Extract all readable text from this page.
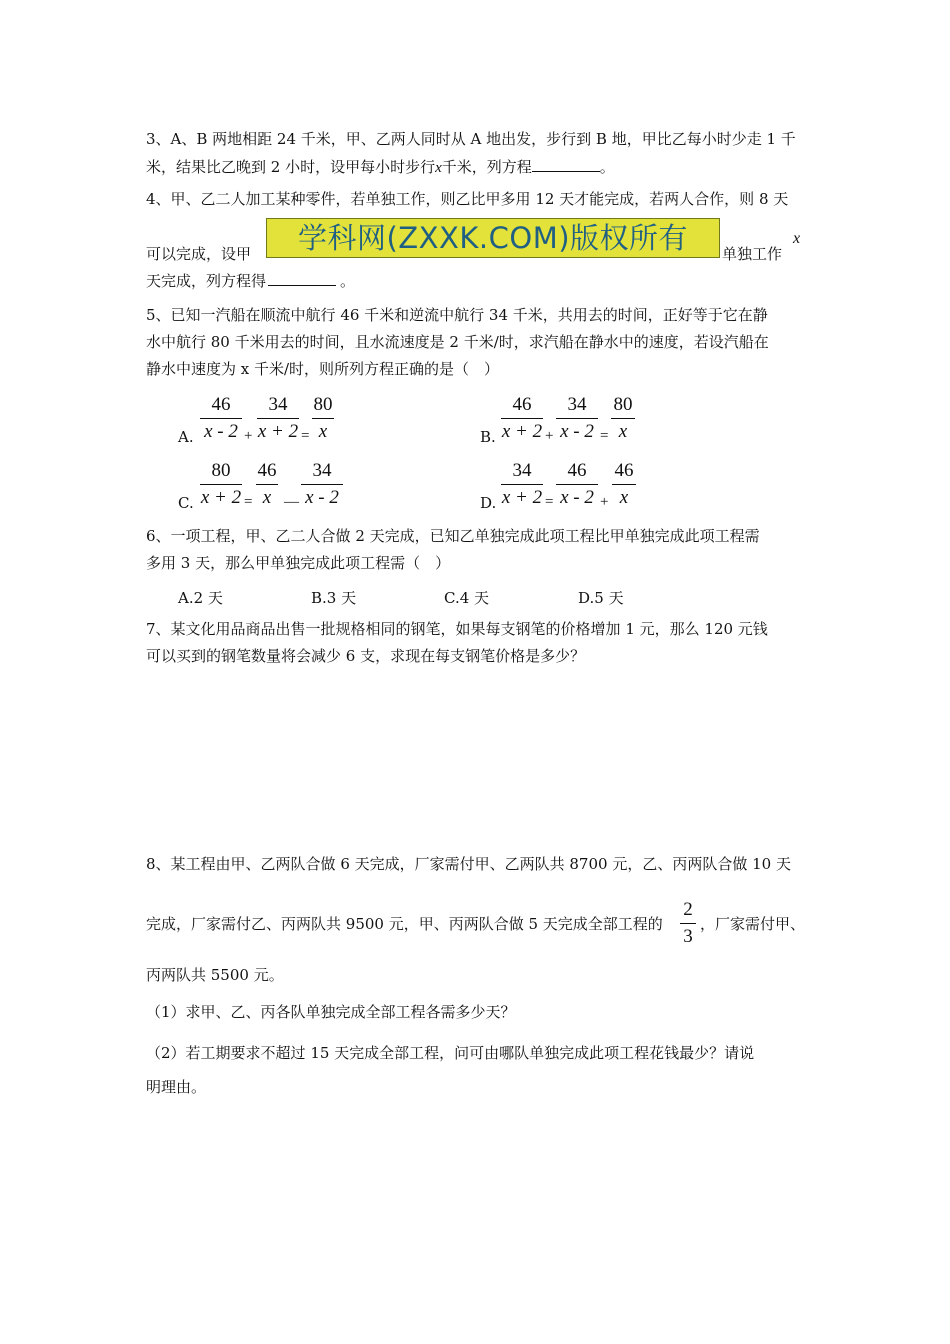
3、A、B 两地相距 24 千米，甲、乙两人同时从 A 地出发，步行到 B 地，甲比乙每小时少走 1 千
米，结果比乙晚到 2 小时，设甲每小时步行x千米，列方程	。
4、甲、乙二人加工某种零件，若单独工作，则乙比甲多用 12 天才能完成，若两人合作，则 8 天
可以完成，设甲	单独工作
x
学科网(ZXXK.COM)版权所有
天完成，列方程得	。
5、已知一汽船在顺流中航行 46 千米和逆流中航行 34 千米，共用去的时间，正好等于它在静
水中航行 80 千米用去的时间，且水流速度是 2 千米/时，求汽船在静水中的速度，若设汽船在
静水中速度为 x 千米/时，则所列方程正确的是（　）
A.
46
x - 2 +
34
x + 2 =
80
x	B.
46
x + 2 +
34
x - 2 =
80
x
C.
80
x + 2 =
46
x —
34
x - 2	D.
34
x + 2 =
46
x - 2 +
46
x
6、一项工程，甲、乙二人合做 2 天完成，已知乙单独完成此项工程比甲单独完成此项工程需
多用 3 天，那么甲单独完成此项工程需（　）
A.2 天	B.3 天	C.4 天	D.5 天
7、某文化用品商品出售一批规格相同的钢笔，如果每支钢笔的价格增加 1 元，那么 120 元钱
可以买到的钢笔数量将会减少 6 支，求现在每支钢笔价格是多少？
8、某工程由甲、乙两队合做 6 天完成，厂家需付甲、乙两队共 8700 元，乙、丙两队合做 10 天
完成，厂家需付乙、丙两队共 9500 元，甲、丙两队合做 5 天完成全部工程的
2
3
，厂家需付甲、
丙两队共 5500 元。
（1）求甲、乙、丙各队单独完成全部工程各需多少天？
（2）若工期要求不超过 15 天完成全部工程，问可由哪队单独完成此项工程花钱最少？请说
明理由。
